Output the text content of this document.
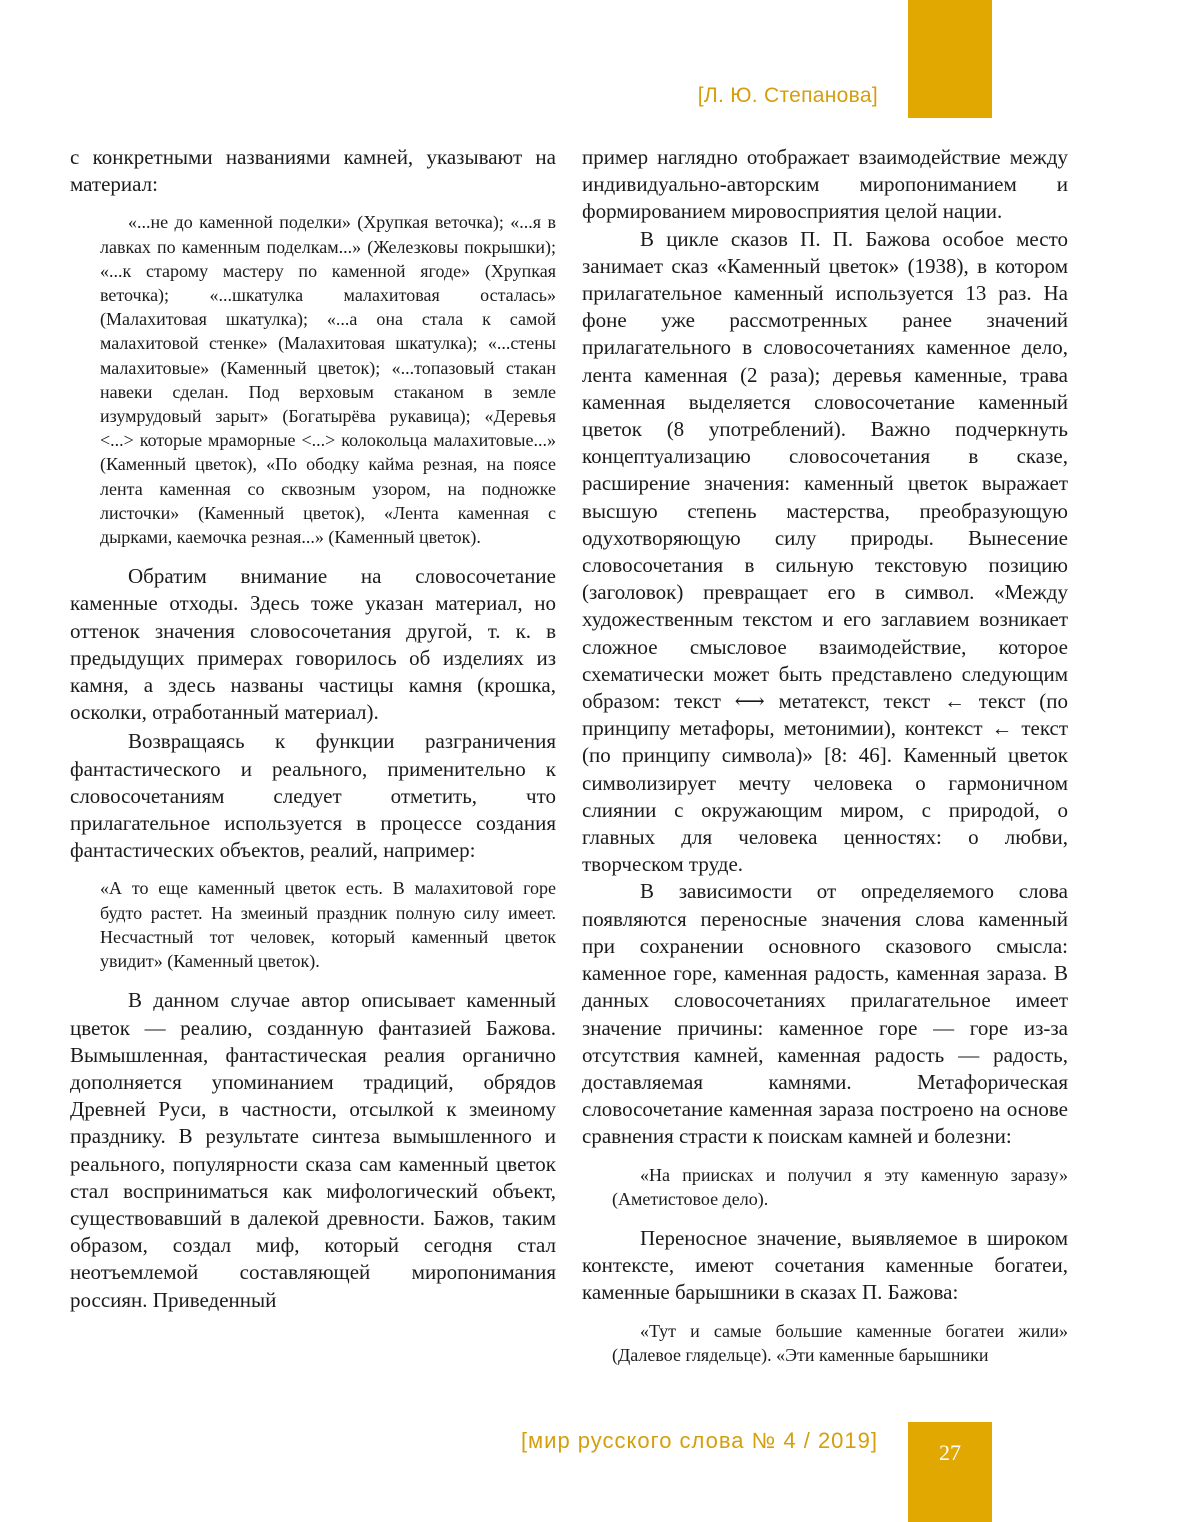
27
[Л. Ю. Степанова]
[мир русского слова № 4 / 2019]

с конкретными названиями камней, указывают на материал:

«...не до каменной поделки» (Хрупкая веточка); «...я в лавках по каменным поделкам...» (Железковы покрышки); «...к старому мастеру по каменной ягоде» (Хрупкая веточка); «...шкатулка малахитовая осталась» (Малахитовая шкатулка); «...а она стала к самой малахитовой стенке» (Малахитовая шкатулка); «...стены малахитовые» (Каменный цветок); «...топазовый стакан навеки сделан. Под верховым стаканом в земле изумрудовый зарыт» (Богатырёва рукавица); «Деревья <...> которые мраморные <...> колокольца малахитовые...» (Каменный цветок), «По ободку кайма резная, на поясе лента каменная со сквозным узором, на подножке листочки» (Каменный цветок), «Лента каменная с дырками, каемочка резная...» (Каменный цветок).

Обратим внимание на словосочетание каменные отходы. Здесь тоже указан материал, но оттенок значения словосочетания другой, т. к. в предыдущих примерах говорилось об изделиях из камня, а здесь названы частицы камня (крошка, осколки, отработанный материал).

Возвращаясь к функции разграничения фантастического и реального, применительно к словосочетаниям следует отметить, что прилагательное используется в процессе создания фантастических объектов, реалий, например:

«А то еще каменный цветок есть. В малахитовой горе будто растет. На змеиный праздник полную силу имеет. Несчастный тот человек, который каменный цветок увидит» (Каменный цветок).

В данном случае автор описывает каменный цветок — реалию, созданную фантазией Бажова. Вымышленная, фантастическая реалия органично дополняется упоминанием традиций, обрядов Древней Руси, в частности, отсылкой к змеиному празднику. В результате синтеза вымышленного и реального, популярности сказа сам каменный цветок стал восприниматься как мифологический объект, существовавший в далекой древности. Бажов, таким образом, создал миф, который сегодня стал неотъемлемой составляющей миропонимания россиян. Приведенный

пример наглядно отображает взаимодействие между индивидуально-авторским миропониманием и формированием мировосприятия целой нации.

В цикле сказов П. П. Бажова особое место занимает сказ «Каменный цветок» (1938), в котором прилагательное каменный используется 13 раз. На фоне уже рассмотренных ранее значений прилагательного в словосочетаниях каменное дело, лента каменная (2 раза); деревья каменные, трава каменная выделяется словосочетание каменный цветок (8 употреблений). Важно подчеркнуть концептуализацию словосочетания в сказе, расширение значения: каменный цветок выражает высшую степень мастерства, преобразующую одухотворяющую силу природы. Вынесение словосочетания в сильную текстовую позицию (заголовок) превращает его в символ. «Между художественным текстом и его заглавием возникает сложное смысловое взаимодействие, которое схематически может быть представлено следующим образом: текст ⟷ метатекст, текст ← текст (по принципу метафоры, метонимии), контекст ← текст (по принципу символа)» [8: 46]. Каменный цветок символизирует мечту человека о гармоничном слиянии с окружающим миром, с природой, о главных для человека ценностях: о любви, творческом труде.

В зависимости от определяемого слова появляются переносные значения слова каменный при сохранении основного сказового смысла: каменное горе, каменная радость, каменная зараза. В данных словосочетаниях прилагательное имеет значение причины: каменное горе — горе из-за отсутствия камней, каменная радость — радость, доставляемая камнями. Метафорическая словосочетание каменная зараза построено на основе сравнения страсти к поискам камней и болезни:

«На приисках и получил я эту каменную заразу» (Аметистовое дело).

Переносное значение, выявляемое в широком контексте, имеют сочетания каменные богатеи, каменные барышники в сказах П. Бажова:

«Тут и самые большие каменные богатеи жили» (Далевое глядельце). «Эти каменные барышники
